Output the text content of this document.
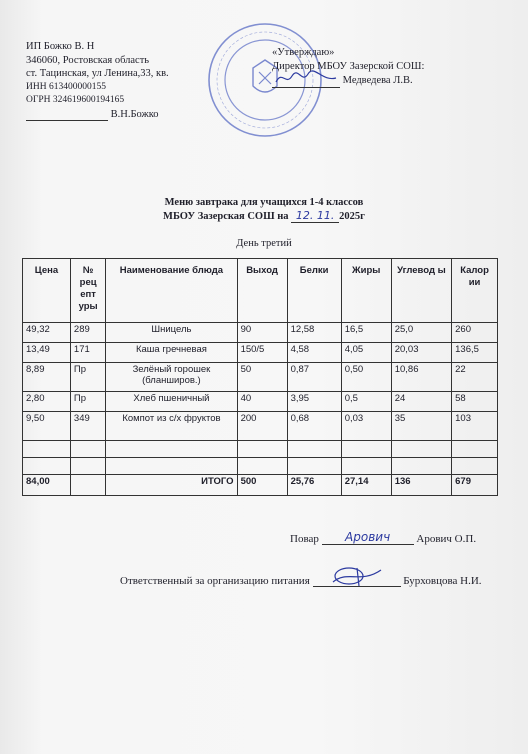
ИП Божко В. Н
346060, Ростовская область
ст. Тацинская, ул Ленина,33, кв.
ИНН 613400000155
ОГРН 324619600194165
В.Н.Божко
«Утверждаю»
Директор МБОУ Зазерской СОШ:
Медведева Л.В.
Меню завтрака для учащихся 1-4 классов
МБОУ Зазерская СОШ на 12. 11. 2025г
День третий
Цена	№ рец епт уры	Наименование блюда	Выход	Белки	Жиры	Углевод ы	Калор ии
49,32	289	Шницель	90	12,58	16,5	25,0	260
13,49	171	Каша гречневая	150/5	4,58	4,05	20,03	136,5
8,89	Пр	Зелёный горошек (бланширов.)	50	0,87	0,50	10,86	22
2,80	Пр	Хлеб пшеничный	40	3,95	0,5	24	58
9,50	349	Компот из с/х фруктов	200	0,68	0,03	35	103

84,00		ИТОГО	500	25,76	27,14	136	679
Повар Арович Арович О.П.
Ответственный за организацию питания	Бурховцова Н.И.
